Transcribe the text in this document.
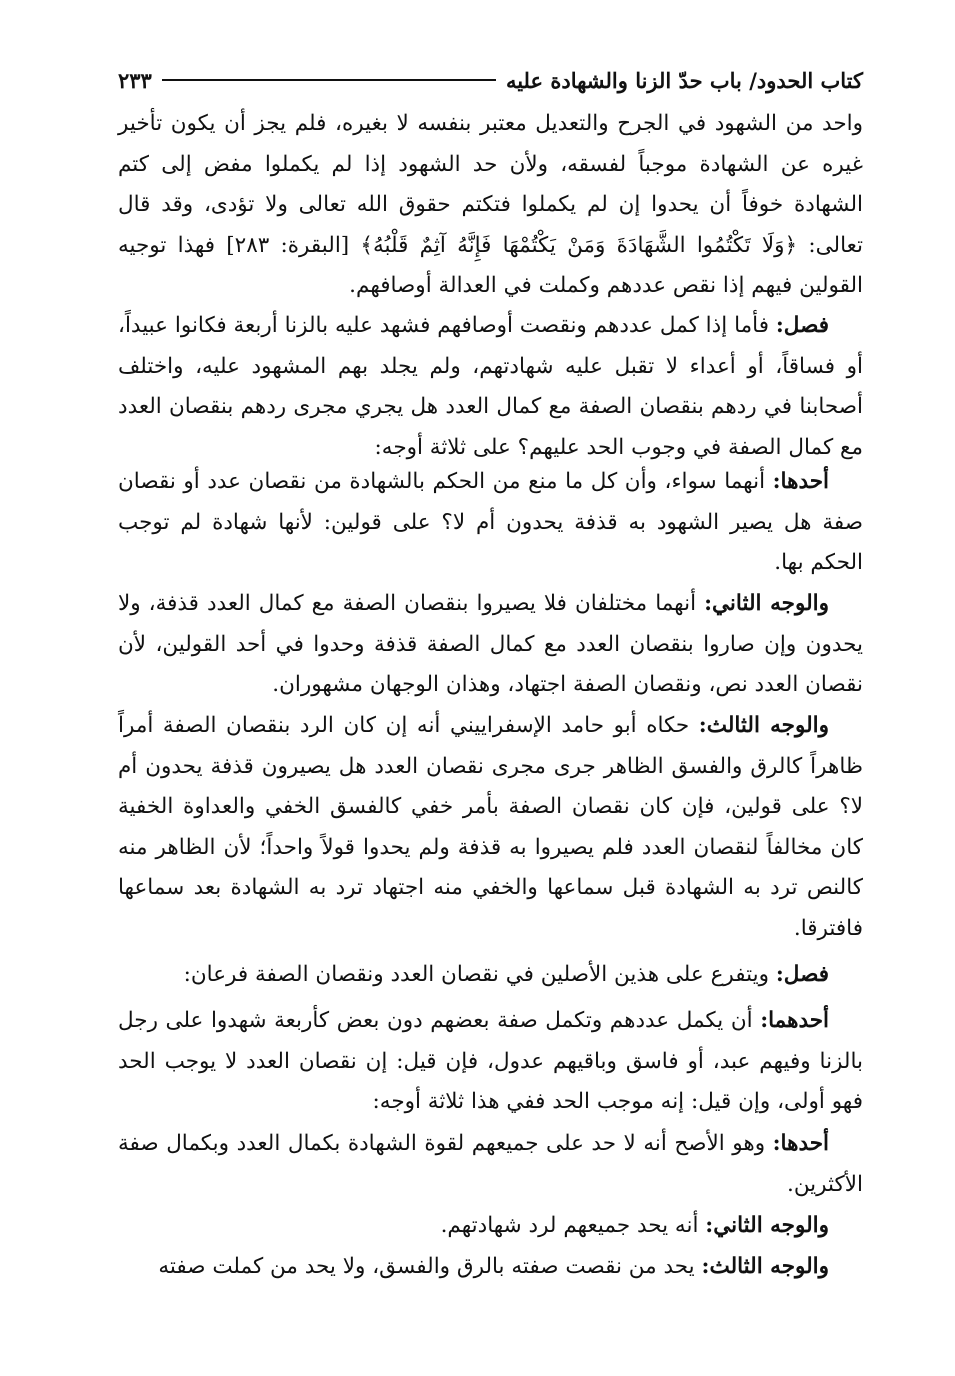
كتاب الحدود/ باب حدّ الزنا والشهادة عليه
٢٣٣

واحد من الشهود في الجرح والتعديل معتبر بنفسه لا بغيره، فلم يجز أن يكون تأخير غيره عن الشهادة موجباً لفسقه، ولأن حد الشهود إذا لم يكملوا مفض إلى كتم الشهادة خوفاً أن يحدوا إن لم يكملوا فتكتم حقوق الله تعالى ولا تؤدى، وقد قال تعالى: ﴿وَلَا تَكْتُمُوا الشَّهَادَةَ وَمَنْ يَكْتُمْهَا فَإِنَّهُ آثِمٌ قَلْبُهُ﴾ [البقرة: ٢٨٣] فهذا توجيه القولين فيهم إذا نقص عددهم وكملت في العدالة أوصافهم.

فصل: فأما إذا كمل عددهم ونقصت أوصافهم فشهد عليه بالزنا أربعة فكانوا عبيداً، أو فساقاً، أو أعداء لا تقبل عليه شهادتهم، ولم يجلد بهم المشهود عليه، واختلف أصحابنا في ردهم بنقصان الصفة مع كمال العدد هل يجري مجرى ردهم بنقصان العدد مع كمال الصفة في وجوب الحد عليهم؟ على ثلاثة أوجه:

أحدها: أنهما سواء، وأن كل ما منع من الحكم بالشهادة من نقصان عدد أو نقصان صفة هل يصير الشهود به قذفة يحدون أم لا؟ على قولين: لأنها شهادة لم توجب الحكم بها.

والوجه الثاني: أنهما مختلفان فلا يصيروا بنقصان الصفة مع كمال العدد قذفة، ولا يحدون وإن صاروا بنقصان العدد مع كمال الصفة قذفة وحدوا في أحد القولين، لأن نقصان العدد نص، ونقصان الصفة اجتهاد، وهذان الوجهان مشهوران.

والوجه الثالث: حكاه أبو حامد الإسفراييني أنه إن كان الرد بنقصان الصفة أمراً ظاهراً كالرق والفسق الظاهر جرى مجرى نقصان العدد هل يصيرون قذفة يحدون أم لا؟ على قولين، فإن كان نقصان الصفة بأمر خفي كالفسق الخفي والعداوة الخفية كان مخالفاً لنقصان العدد فلم يصيروا به قذفة ولم يحدوا قولاً واحداً؛ لأن الظاهر منه كالنص ترد به الشهادة قبل سماعها والخفي منه اجتهاد ترد به الشهادة بعد سماعها فافترقا.

فصل: ويتفرع على هذين الأصلين في نقصان العدد ونقصان الصفة فرعان:

أحدهما: أن يكمل عددهم وتكمل صفة بعضهم دون بعض كأربعة شهدوا على رجل بالزنا وفيهم عبد، أو فاسق وباقيهم عدول، فإن قيل: إن نقصان العدد لا يوجب الحد فهو أولى، وإن قيل: إنه موجب الحد ففي هذا ثلاثة أوجه:

أحدها: وهو الأصح أنه لا حد على جميعهم لقوة الشهادة بكمال العدد وبكمال صفة الأكثرين.

والوجه الثاني: أنه يحد جميعهم لرد شهادتهم.

والوجه الثالث: يحد من نقصت صفته بالرق والفسق، ولا يحد من كملت صفته
